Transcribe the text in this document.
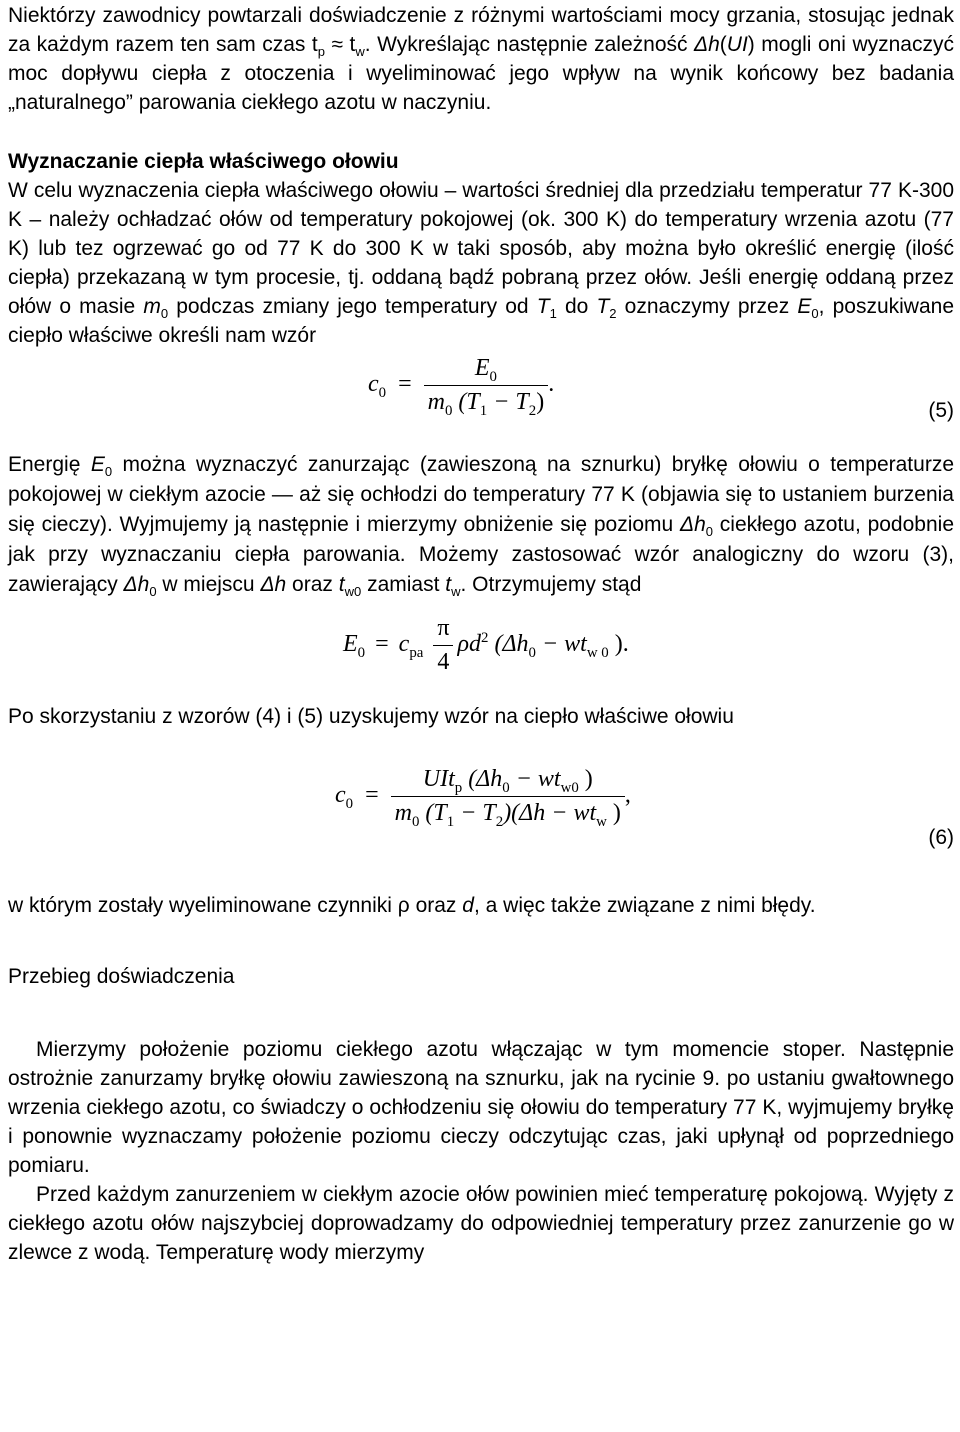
Niektórzy zawodnicy powtarzali doświadczenie z różnymi wartościami mocy grzania, stosując jednak za każdym razem ten sam czas $t_p \approx t_w$. Wykreślając następnie zależność Δh(UI) mogli oni wyznaczyć moc dopływu ciepła z otoczenia i wyeliminować jego wpływ na wynik końcowy bez badania „naturalnego” parowania ciekłego azotu w naczyniu.

Wyznaczanie ciepła właściwego ołowiu

W celu wyznaczenia ciepła właściwego ołowiu – wartości średniej dla przedziału temperatur 77 K-300 K – należy ochładzać ołów od temperatury pokojowej (ok. 300 K) do temperatury wrzenia azotu (77 K) lub tez ogrzewać go od 77 K do 300 K w taki sposób, aby można było określić energię (ilość ciepła) przekazaną w tym procesie, tj. oddaną bądź pobraną przez ołów. Jeśli energię oddaną przez ołów o masie $m_0$ podczas zmiany jego temperatury od $T_1$ do $T_2$ oznaczymy przez $E_0$, poszukiwane ciepło właściwe określi nam wzór

$c_0 = \frac{E_0}{m_0 (T_1 - T_2)}$ .
(5)

Energię $E_0$ można wyznaczyć zanurzając (zawieszoną na sznurku) bryłkę ołowiu o temperaturze pokojowej w ciekłym azocie — aż się ochłodzi do temperatury 77 K (objawia się to ustaniem burzenia się cieczy). Wyjmujemy ją następnie i mierzymy obniżenie się poziomu $\Delta h_0$ ciekłego azotu, podobnie jak przy wyznaczaniu ciepła parowania. Możemy zastosować wzór analogiczny do wzoru (3), zawierający $\Delta h_0$ w miejscu Δh oraz $t_{w0}$ zamiast $t_w$. Otrzymujemy stąd

$E_0 = c_{pa} \frac{\pi}{4} \rho d^2$ ($\Delta h_0 - wt_{w 0}$ ).

Po skorzystaniu z wzorów (4) i (5) uzyskujemy wzór na ciepło właściwe ołowiu

$c_0 = \frac{UIt_p (\Delta h_0 - wt_{w0} )}{m_0 (T_1 - T_2)(\Delta h - wt_w )}$ ,
(6)

w którym zostały wyeliminowane czynniki ρ oraz d, a więc także związane z nimi błędy.

Przebieg doświadczenia

Mierzymy położenie poziomu ciekłego azotu włączając w tym momencie stoper. Następnie ostrożnie zanurzamy bryłkę ołowiu zawieszoną na sznurku, jak na rycinie 9. po ustaniu gwałtownego wrzenia ciekłego azotu, co świadczy o ochłodzeniu się ołowiu do temperatury 77 K, wyjmujemy bryłkę i ponownie wyznaczamy położenie poziomu cieczy odczytując czas, jaki upłynął od poprzedniego pomiaru.

Przed każdym zanurzeniem w ciekłym azocie ołów powinien mieć temperaturę pokojową. Wyjęty z ciekłego azotu ołów najszybciej doprowadzamy do odpowiedniej temperatury przez zanurzenie go w zlewce z wodą. Temperaturę wody mierzymy
